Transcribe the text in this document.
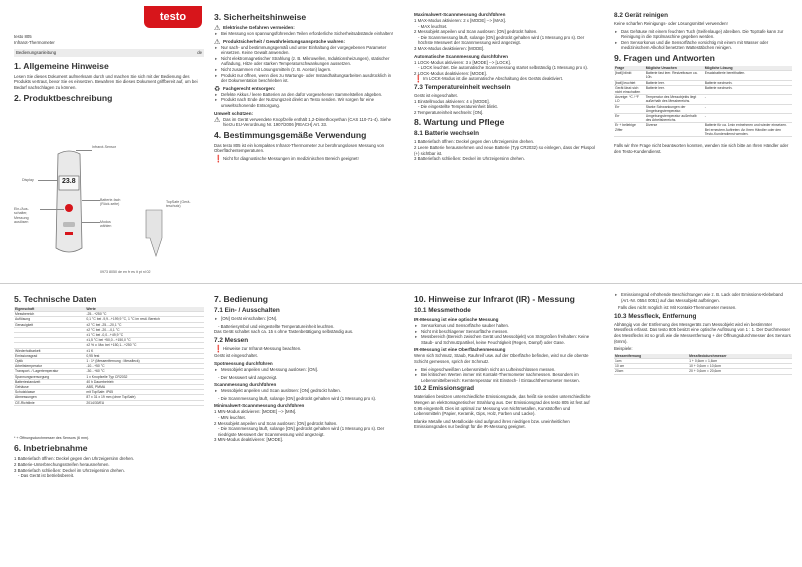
testo 805
Infrarot-Thermometer
Bedienungsanleitung	de
1. Allgemeine Hinweise

Lesen Sie dieses Dokument aufmerksam durch und machen Sie sich mit der Bedienung des Produkts vertraut, bevor Sie es einsetzen. Bewahren Sie dieses Dokument griffbereit auf, um bei Bedarf nachschlagen zu können.

2. Produktbeschreibung
testo
23.8
Infrarot-Sensor
Display
Ein-/Aus-schalter, Messung auslösen
Batterie-fach (Rück-seite)
Modus wählen
TopSafe (Gerä-teschutz)
0973 8050 de en fr es it pt nl 02
3. Sicherheitshinweise
⚠ Elektrische Gefahren vermeiden:
▸ Bei Messung von spannungsführenden Teilen erforderliche Sicherheitsabstände einhalten!
⚠ Produktsicherheit / Gewährleistungsansprüche wahren:
▸ Nur sach- und bestimmungsgemäß und unter Einhaltung der vorgegebenen Parameter einsetzen. Keine Gewalt anwenden.
▸ Nicht elektromagnetischer Strahlung (z. B. Mikrowellen, Induktionsheizungen), statischer Aufladung, Hitze oder starken Temperaturschwankungen aussetzen.
▸ Nicht zusammen mit Lösungsmitteln (z. B. Aceton) lagern.
▸ Produkt nur öffnen, wenn dies zu Wartungs- oder Instandhaltungsarbeiten ausdrücklich in der Dokumentation beschrieben ist.
♻ Fachgerecht entsorgen:
▸ Defekte Akkus / leere Batterien an den dafür vorgesehenen Sammelstellen abgeben.
▸ Produkt nach Ende der Nutzungszeit direkt an Testo senden. Wir sorgen für eine umweltschonende Entsorgung.
Umwelt schützen:
⚠ Das im Gerät verwendete Knopfzelle enthält 1,2-Dimethoxyethan (CAS 110-71-4). Siehe hierzu EU-Verordnung Nr. 1907/2006 [REACH] Art. 33.

4. Bestimmungsgemäße Verwendung

Das testo 805 ist ein kompaktes Infrarot-Thermometer zur berührungslosen Messung von Oberflächentemperaturen.

❗ Nicht für diagnostische Messungen im medizinischen Bereich geeignet!

Maximalwert-Scannmessung durchführen
1 MAX-Modus aktivieren: 2 x [MODE] --> [MAX].
- MAX leuchtet.
2 Messobjekt anpeilen und Scan auslösen: [ON] gedrückt halten.
- Die Scannmessung läuft, solange [ON] gedrückt gehalten wird (1 Messung pro s). Der höchste Messwert der Scannmessung wird angezeigt.
3 MAX-Modus deaktivieren: [MODE].
Automatische Scannmessung durchführen
1 LOCK-Modus aktivieren: 3 x [MODE] --> [LOCK].
- LOCK leuchtet. Die automatische Scannmessung startet selbständig (1 Messung pro s).
2 LOCK-Modus deaktivieren: [MODE].
❗ Im LOCK-Modus ist die automatische Abschaltung des Geräts deaktiviert.

7.3 Temperatureinheit wechseln
Gerät ist eingeschaltet.
1 Einstellmodus aktivieren: 4 x [MODE].
- Die eingestellte Temperatureinheit blinkt.
2 Temperatureinheit wechseln: [ON].
8. Wartung und Pflege
8.1 Batterie wechseln
1 Batteriefach öffnen: Deckel gegen den Uhrzeigersinn drehen.
2 Leere Batterie herausnehmen und neue Batterie (Typ CR2032) so einlegen, dass der Pluspol (+) sichtbar ist.
3 Batteriefach schließen: Deckel im Uhrzeigersinn drehen.
8.2 Gerät reinigen

Keine scharfen Reinigungs- oder Lösungsmittel verwenden!

▸ Das Gehäuse mit einem feuchten Tuch (Seifenlauge) abreiben. Die TopSafe kann zur Reinigung in die Spülmaschine gegeben werden.
▸ Den Sensorkonus und die Sensorfläche vorsichtig mit einem mit Wasser oder medizinischem Alkohol benetzten Wattestäbchen reinigen.
9. Fragen und Antworten
Frage	Mögliche Ursachen	Mögliche Lösung
[batt] blinkt	Batterie fast leer. Restzeitraum ca. 10h.	Ersatzbatterie bereithalten.
[batt] leuchtet	Batterie leer.	Batterie wechseln.
Gerät lässt sich nicht einschalten	Batterie leer.	Batterie wechseln.
Anzeige: ºC / ºF LO	Temperatur des Messobjekts liegt außerhalb des Messbereichs.	-
Err	Starke Schwankungen der Umgebungstemperatur.	-
Err	Umgebungstemperatur außerhalb des Arbeitsbereichs.	-
Er + beliebige Ziffer	Diverse	Batterie für ca. 1min entnehmen und wieder einsetzen. Bei erneutem Auftreten: An Ihren Händler oder den Testo-Kundendienst wenden.

Falls wir Ihre Frage nicht beantworten konnten, wenden Sie sich bitte an Ihren Händler oder den Testo-Kundendienst.

5. Technische Daten
Eigenschaft	Werte
Messbereich	-25...+250 °C
Auflösung	0,1 °C bei -9,9...+199,9 °C, 1 °C im restl. Bereich
Genauigkeit	±2 °C bei -25...-20,1 °C
	±2 °C bei -20...-0,1 °C
	±1 °C bei -0,0...+49,9 °C
	±1,5 °C bei +50,0...+150,0 °C
	±2 % v. Mw. bei +150,1...+250 °C
Wiederholbarkeit	±1 K
Emissionsgrad	0,95 fest
Optik	1 : 1* (Messentfernung : Messfleck)
Arbeitstemperatur	-10...+50 °C
Transport- / Lagertemperatur	-30...+60 °C
Spannungsversorgung	1 x Knopfzelle Typ CR2032
Batteriestandzeit	40 h Dauerbetrieb
Gehäuse	ABS, PMMA
Schutzklasse	mit TopSafe: IP65
Abmessungen	87 x 31 x 19 mm (ohne TopSafe)
CE-Richtlinie	2014/30/EU

* + Öffnungsdurchmesser des Sensors (6 mm).

6. Inbetriebnahme
1 Batteriefach öffnen: Deckel gegen den Uhrzeigersinn drehen.
2 Batterie-Unterbrechungsstreifen herausnehmen.
3 Batteriefach schließen: Deckel im Uhrzeigersinn drehen.
- Das Gerät ist betriebsbereit.
7. Bedienung
7.1 Ein- / Ausschalten
▸ [ON] Gerät einschalten: [ON].
- Batteriesymbol und eingestellte Temperatureinheit leuchten.

Das Gerät schaltet nach ca. 15 s ohne Tastenbetätigung selbständig aus.

7.2 Messen
❗ Hinweise zur Infrarot-Messung beachten.

Gerät ist eingeschaltet.

Spotmessung durchführen
▸ Messobjekt anpeilen und Messung auslösen: [ON].
- Der Messwert wird angezeigt.
Scannmessung durchführen
▸ Messobjekt anpeilen und Scan auslösen: [ON] gedrückt halten.
- Die Scannmessung läuft, solange [ON] gedrückt gehalten wird (1 Messung pro s).
Minimalwert-Scannmessung durchführen
1 MIN-Modus aktivieren: [MODE] --> [MIN].
- MIN leuchtet.
2 Messobjekt anpeilen und Scan auslösen: [ON] gedrückt halten.
- Die Scannmessung läuft, solange [ON] gedrückt gehalten wird (1 Messung pro s). Der niedrigste Messwert der Scannmessung wird angezeigt.
3 MIN-Modus deaktivieren: [MODE].
10. Hinweise zur Infrarot (IR) - Messung
10.1 Messmethode
IR-Messung ist eine optische Messung
▸ Sensorkonus und Sensorfläche sauber halten.
▸ Nicht mit beschlagener Sensorfläche messen.
▸ Messbereich (Bereich zwischen Gerät und Messobjekt) von Störgrößen freihalten: Keine Staub- und Schmutzpartikel, keine Feuchtigkeit (Regen, Dampf) oder Gase.
IR-Messung ist eine Oberflächenmessung

Wenn sich Schmutz, Staub, Rauhreif usw. auf der Oberfläche befinden, wird nur die oberste Schicht gemessen, sprich der Schmutz.

▸ Bei eingeschweißten Lebensmitteln nicht an Lufteinschlüssen messen.
▸ Bei kritischen Werten immer mit Kontakt-Thermometer nachmessen. Besonders im Lebensmittelbereich: Kerntemperatur mit Einstech- / Eintauchthermometer messen.
10.2 Emissionsgrad

Materialien besitzen unterschiedliche Emissionsgrade, das heißt sie senden unterschiedliche Mengen an elektromagnetischer Strahlung aus. Der Emissionsgrad des testo 805 ist fest auf 0,95 eingestellt. Dies ist optimal zur Messung von Nichtmetallen, Kunststoffen und Lebensmitteln (Papier, Keramik, Gips, Holz, Farben und Lacke).

Blanke Metalle und Metalloxide sind aufgrund ihres niedrigen bzw. uneinheitlichen Emissionsgrades nur bedingt für die IR-Messung geeignet.

▸ Emissionsgrad erhöhende Beschichtungen wie z. B. Lack oder Emissions-Klebeband (Art.-Nr. 0554 0051) auf das Messobjekt aufbringen.
Falls dies nicht möglich ist: Mit Kontakt-Thermometer messen.
10.3 Messfleck, Entfernung

Abhängig von der Entfernung des Messgeräts zum Messobjekt wird ein bestimmter Messfleck erfasst. Das testo 805 besitzt eine optische Auflösung von 1 : 1. Der Durchmesser des Messflecks ist so groß wie die Messentfernung + der Öffnungsdurchmesser des Sensors (6mm).

Beispiele:

Messentfernung	Messfleckdurchmesser
1cm	1 + 0,6cm = 1,6cm
10 cm	10 + 0,6cm = 10,6cm
20cm	20 + 0,6cm = 20,6cm
